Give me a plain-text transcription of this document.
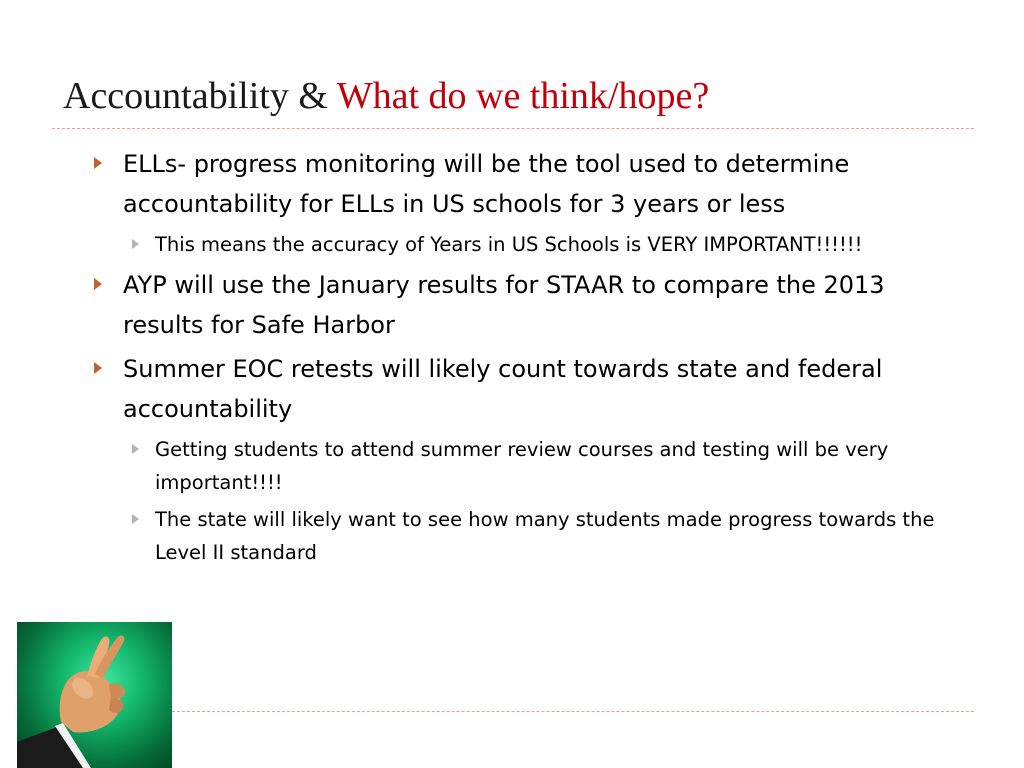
Accountability & What do we think/hope?
ELLs- progress monitoring will be the tool used to determine accountability for ELLs in US schools for 3 years or less
This means the accuracy of Years in US Schools is VERY IMPORTANT!!!!!!
AYP will use the January results for STAAR to compare the 2013 results for Safe Harbor
Summer EOC retests will likely count towards state and federal accountability
Getting students to attend summer review courses and testing will be very important!!!!
The state will likely want to see how many students made progress towards the Level II standard
